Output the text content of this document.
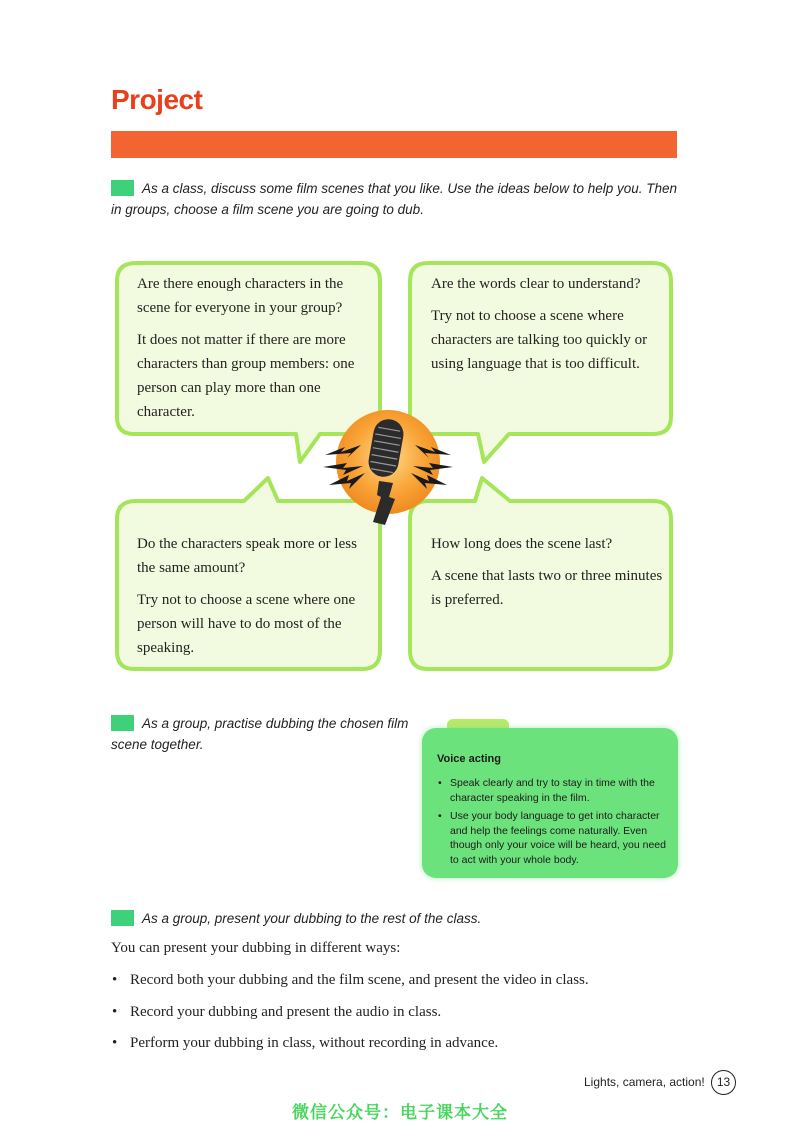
Project

As a class, discuss some film scenes that you like. Use the ideas below to help you. Then in groups, choose a film scene you are going to dub.

Are there enough characters in the scene for everyone in your group?

It does not matter if there are more characters than group members: one person can play more than one character.

Are the words clear to understand?

Try not to choose a scene where characters are talking too quickly or using language that is too difficult.

Do the characters speak more or less the same amount?

Try not to choose a scene where one person will have to do most of the speaking.

How long does the scene last?

A scene that lasts two or three minutes is preferred.

As a group, practise dubbing the chosen film scene together.

Voice acting
• Speak clearly and try to stay in time with the character speaking in the film.
• Use your body language to get into character and help the feelings come naturally. Even though only your voice will be heard, you need to act with your whole body.

As a group, present your dubbing to the rest of the class.

You can present your dubbing in different ways:

• Record both your dubbing and the film scene, and present the video in class.
• Record your dubbing and present the audio in class.
• Perform your dubbing in class, without recording in advance.
Lights, camera, action!	13
微信公众号：电子课本大全
